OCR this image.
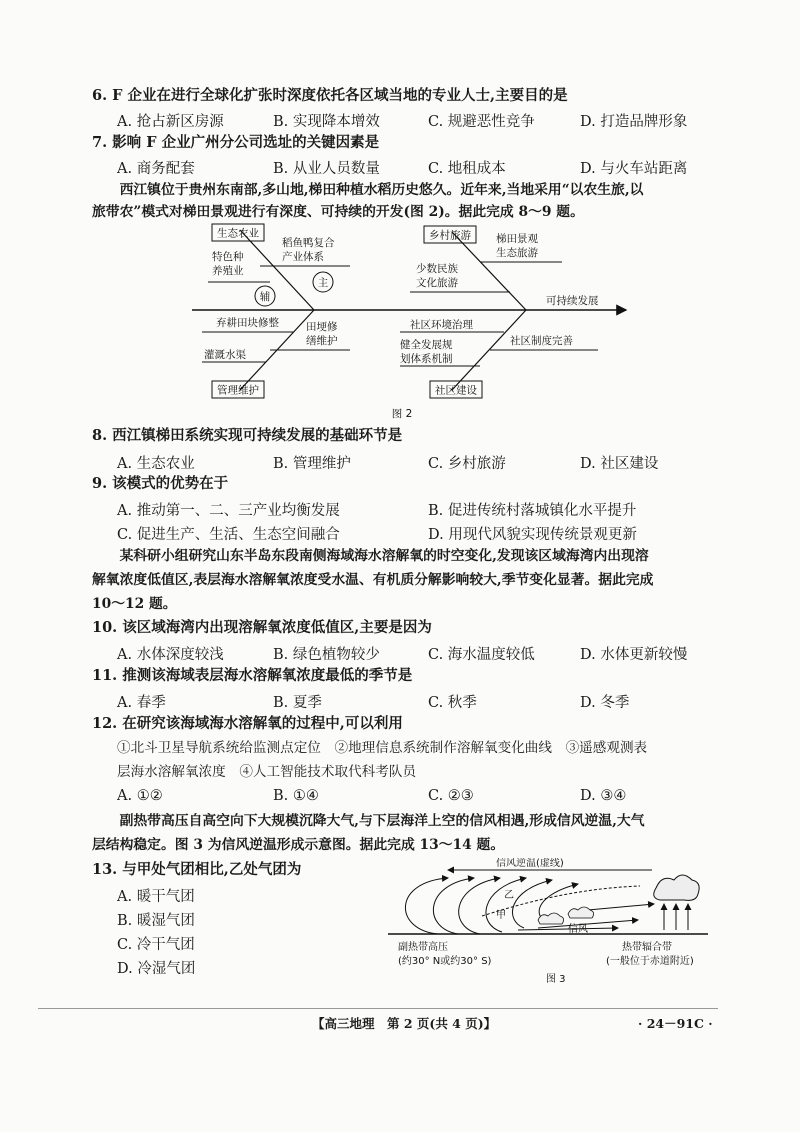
6. F 企业在进行全球化扩张时深度依托各区域当地的专业人士,主要目的是
A. 抢占新区房源	B. 实现降本增效	C. 规避恶性竞争	D. 打造品牌形象
7. 影响 F 企业广州分公司选址的关键因素是
A. 商务配套	B. 从业人员数量	C. 地租成本	D. 与火车站距离
西江镇位于贵州东南部,多山地,梯田种植水稻历史悠久。近年来,当地采用“以农生旅,以
旅带农”模式对梯田景观进行有深度、可持续的开发(图 2)。据此完成 8～9 题。
生态农业	乡村旅游
管理维护	社区建设
辅
主
稻鱼鸭复合
产业体系
特色种
养殖业
梯田景观
生态旅游
少数民族
文化旅游
可持续发展
弃耕田块修整	田埂修
缮维护
灌溉水渠
社区环境治理
社区制度完善
健全发展规
划体系机制
图 2
8. 西江镇梯田系统实现可持续发展的基础环节是
A. 生态农业	B. 管理维护	C. 乡村旅游	D. 社区建设
9. 该模式的优势在于
A. 推动第一、二、三产业均衡发展	B. 促进传统村落城镇化水平提升
C. 促进生产、生活、生态空间融合	D. 用现代风貌实现传统景观更新
某科研小组研究山东半岛东段南侧海域海水溶解氧的时空变化,发现该区域海湾内出现溶
解氧浓度低值区,表层海水溶解氧浓度受水温、有机质分解影响较大,季节变化显著。据此完成
10～12 题。
10. 该区域海湾内出现溶解氧浓度低值区,主要是因为
A. 水体深度较浅	B. 绿色植物较少	C. 海水温度较低	D. 水体更新较慢
11. 推测该海域表层海水溶解氧浓度最低的季节是
A. 春季	B. 夏季	C. 秋季	D. 冬季
12. 在研究该海域海水溶解氧的过程中,可以利用
①北斗卫星导航系统给监测点定位　②地理信息系统制作溶解氧变化曲线　③遥感观测表
层海水溶解氧浓度　④人工智能技术取代科考队员
A. ①②	B. ①④	C. ②③	D. ③④
副热带高压自高空向下大规模沉降大气,与下层海洋上空的信风相遇,形成信风逆温,大气
层结构稳定。图 3 为信风逆温形成示意图。据此完成 13～14 题。
13. 与甲处气团相比,乙处气团为
A. 暖干气团
B. 暖湿气团
C. 冷干气团
D. 冷湿气团
信风逆温(虚线)
甲
乙
信风
副热带高压
(约30° N或约30° S)
热带辐合带
(一般位于赤道附近)
图 3
【高三地理　第 2 页(共 4 页)】	· 24－91C ·
